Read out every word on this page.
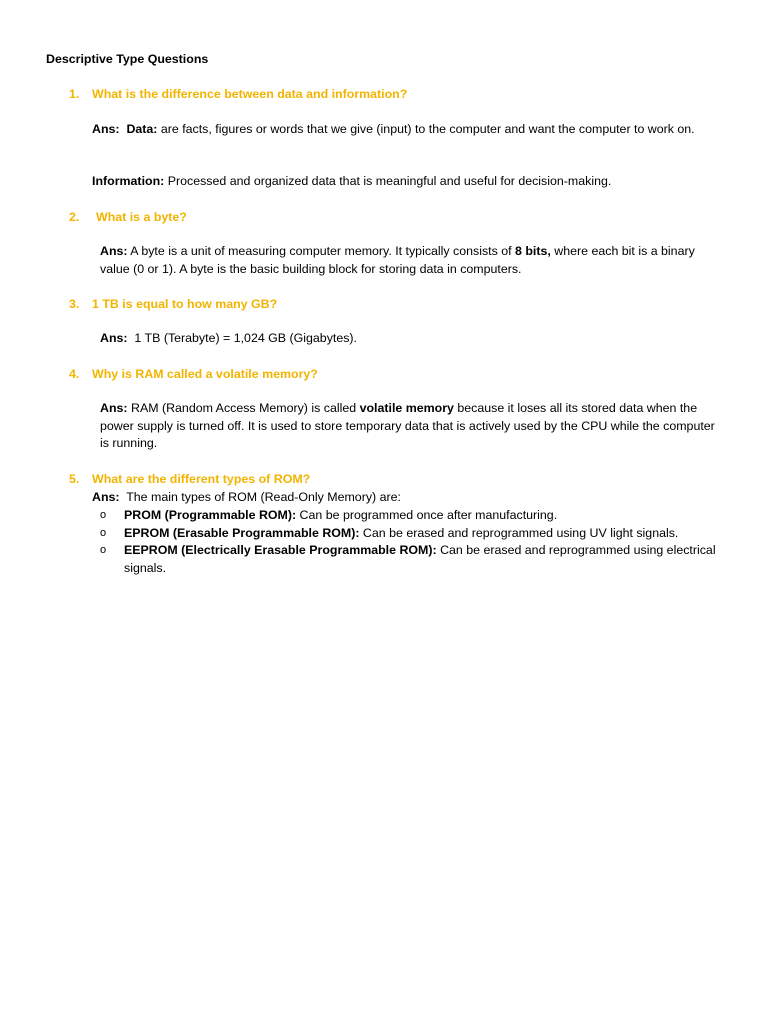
Descriptive Type Questions
1. What is the difference between data and information?
Ans: Data: are facts, figures or words that we give (input) to the computer and want the computer to work on.
Information: Processed and organized data that is meaningful and useful for decision-making.
2. What is a byte?
Ans: A byte is a unit of measuring computer memory. It typically consists of 8 bits, where each bit is a binary value (0 or 1). A byte is the basic building block for storing data in computers.
3. 1 TB is equal to how many GB?
Ans:  1 TB (Terabyte) = 1,024 GB (Gigabytes).
4. Why is RAM called a volatile memory?
Ans: RAM (Random Access Memory) is called volatile memory because it loses all its stored data when the power supply is turned off. It is used to store temporary data that is actively used by the CPU while the computer is running.
5. What are the different types of ROM?
Ans:  The main types of ROM (Read-Only Memory) are:
o PROM (Programmable ROM): Can be programmed once after manufacturing.
o EPROM (Erasable Programmable ROM): Can be erased and reprogrammed using UV light signals.
o EEPROM (Electrically Erasable Programmable ROM): Can be erased and reprogrammed using electrical signals.
